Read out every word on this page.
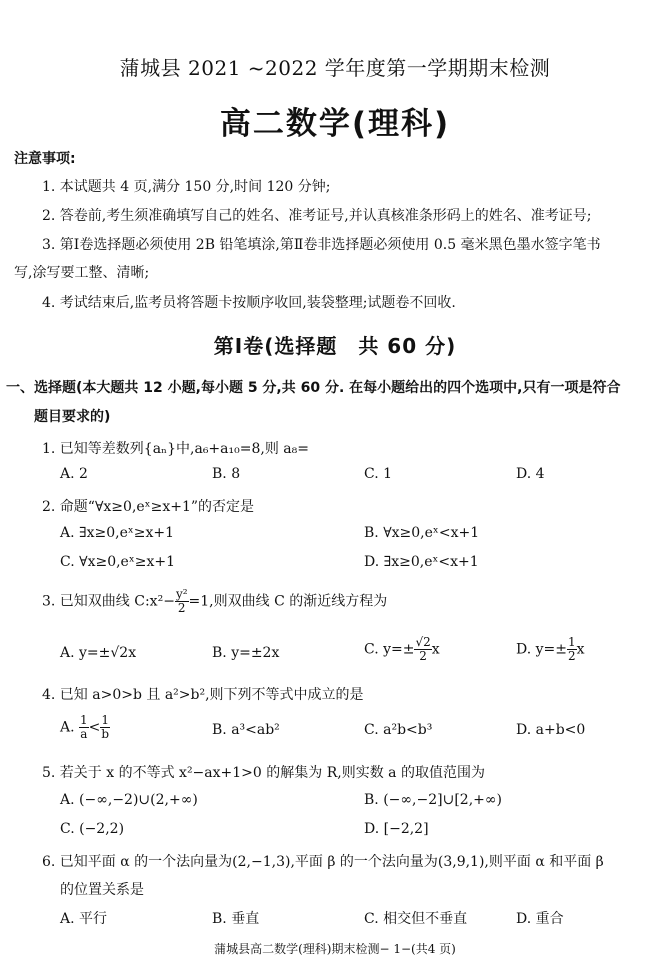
蒲城县 2021 ~2022 学年度第一学期期末检测
高二数学(理科)
注意事项:
1. 本试题共 4 页,满分 150 分,时间 120 分钟;
2. 答卷前,考生须准确填写自己的姓名、准考证号,并认真核准条形码上的姓名、准考证号;
3. 第Ⅰ卷选择题必须使用 2B 铅笔填涂,第Ⅱ卷非选择题必须使用 0.5 毫米黑色墨水签字笔书
写,涂写要工整、清晰;
4. 考试结束后,监考员将答题卡按顺序收回,装袋整理;试题卷不回收.
第Ⅰ卷(选择题　共 60 分)
一、选择题(本大题共 12 小题,每小题 5 分,共 60 分. 在每小题给出的四个选项中,只有一项是符合
题目要求的)
1. 已知等差数列{aₙ}中,a₆+a₁₀=8,则 a₈=
A. 2	B. 8	C. 1	D. 4
2. 命题“∀x≥0,eˣ≥x+1”的否定是
A. ∃x≥0,eˣ≥x+1	B. ∀x≥0,eˣ<x+1
C. ∀x≥0,eˣ≥x+1	D. ∃x≥0,eˣ<x+1
3. 已知双曲线 C:x²− $\frac{\text{y²}}{2} =1$,则双曲线 C 的渐近线方程为
A. y=±√2x	B. y=±2x	C. $y=\pm \frac{√2}{2}$ x	D. $y=\pm \frac{1}{2}$ x
4. 已知 a>0>b 且 a²>b²,则下列不等式中成立的是
A. $\frac{1}{a} < \frac{1}{b}$	B. a³<ab²	C. a²b<b³	D. a+b<0
5. 若关于 x 的不等式 x²−ax+1>0 的解集为 R,则实数 a 的取值范围为
A. (−∞,−2)∪(2,+∞)	B. (−∞,−2]∪[2,+∞)
C. (−2,2)	D. [−2,2]
6. 已知平面 α 的一个法向量为(2,−1,3),平面 β 的一个法向量为(3,9,1),则平面 α 和平面 β
的位置关系是
A. 平行	B. 垂直	C. 相交但不垂直	D. 重合
蒲城县高二数学(理科)期末检测− 1−(共4 页)
